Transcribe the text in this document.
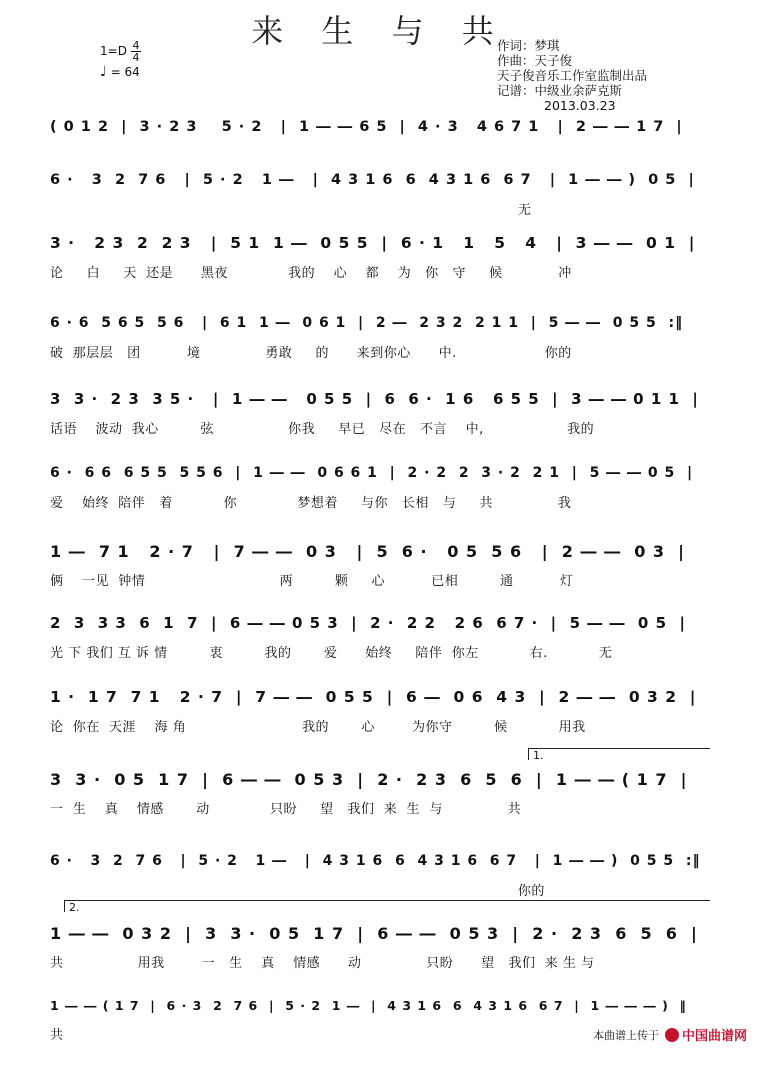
来 生 与 共
1=D 4
4
♩ = 64
作词：梦琪
作曲：天子俊
天子俊音乐工作室监制出品
记谱：中级业余萨克斯
2013.03.23
( 0 1 2  |  3 · 2 3    5 · 2   |  1 ― ― 6 5  |  4 · 3   4 6 7 1   |  2 ― ― 1 7  |
6 ·   3  2  7 6   |  5 · 2   1 ―   |  4 3 1 6  6  4 3 1 6  6 7   |  1 ― ― )  0 5  |
无
3 ·   2 3  2  2 3   |  5 1  1 ―  0 5 5  |  6 · 1   1   5   4   |  3 ― ―  0 1  |
论     白     天  还是      黑夜             我的    心    都    为   你   守     候            冲
6 · 6  5 6 5  5 6   |  6 1  1 ―  0 6 1  |  2 ―  2 3 2  2 1 1  |  5 ― ―  0 5 5  :‖
破  那层层   团          境              勇敢     的      来到你心      中.                   你的
3  3 ·  2 3  3 5 ·   |  1 ― ―   0 5 5  |  6  6 ·  1 6   6 5 5  |  3 ― ― 0 1 1  |
话语    波动  我心         弦                你我     早已   尽在   不言    中,                  我的
6 ·  6 6  6 5 5  5 5 6  |  1 ― ―  0 6 6 1  |  2 · 2  2  3 · 2  2 1  |  5 ― ― 0 5  |
爱    始终  陪伴   着           你             梦想着     与你   长相   与     共              我
1 ―  7 1   2 · 7   |  7 ― ―  0 3   |  5  6 ·   0 5  5 6   |  2 ― ―  0 3  |
俩    一见  钟情                             两         颗     心          已相         通          灯
2  3  3 3  6  1  7  |  6 ― ― 0 5 3  |  2 ·  2 2   2 6  6 7 ·  |  5 ― ―  0 5  |
光 下 我们 互 诉 情         衷         我的       爱      始终     陪伴  你左           右.           无
1 ·  1 7  7 1   2 · 7  |  7 ― ―  0 5 5  |  6 ―  0 6  4 3  |  2 ― ―  0 3 2  |
论  你在  天涯    海 角                         我的       心        为你守         候           用我
3  3 ·  0 5  1 7  |  6 ― ―  0 5 3  |  2 ·  2 3  6  5  6  |  1 ― ― ( 1 7  |
一  生    真    情感       动             只盼     望   我们  来  生  与              共
6 ·   3  2  7 6   |  5 · 2   1 ―   |  4 3 1 6  6  4 3 1 6  6 7   |  1 ― ― )  0 5 5  :‖
你的
1 ― ―  0 3 2  |  3  3 ·  0 5  1 7  |  6 ― ―  0 5 3  |  2 ·  2 3  6  5  6  |
共                用我        一   生    真    情感      动              只盼      望   我们  来 生 与
1 ― ― ( 1 7  |  6 · 3  2  7 6  |  5 · 2  1 ―  |  4 3 1 6  6  4 3 1 6  6 7  |  1 ― ― ― )  ‖
共
1.
2.
本曲谱上传于 中国曲谱网
